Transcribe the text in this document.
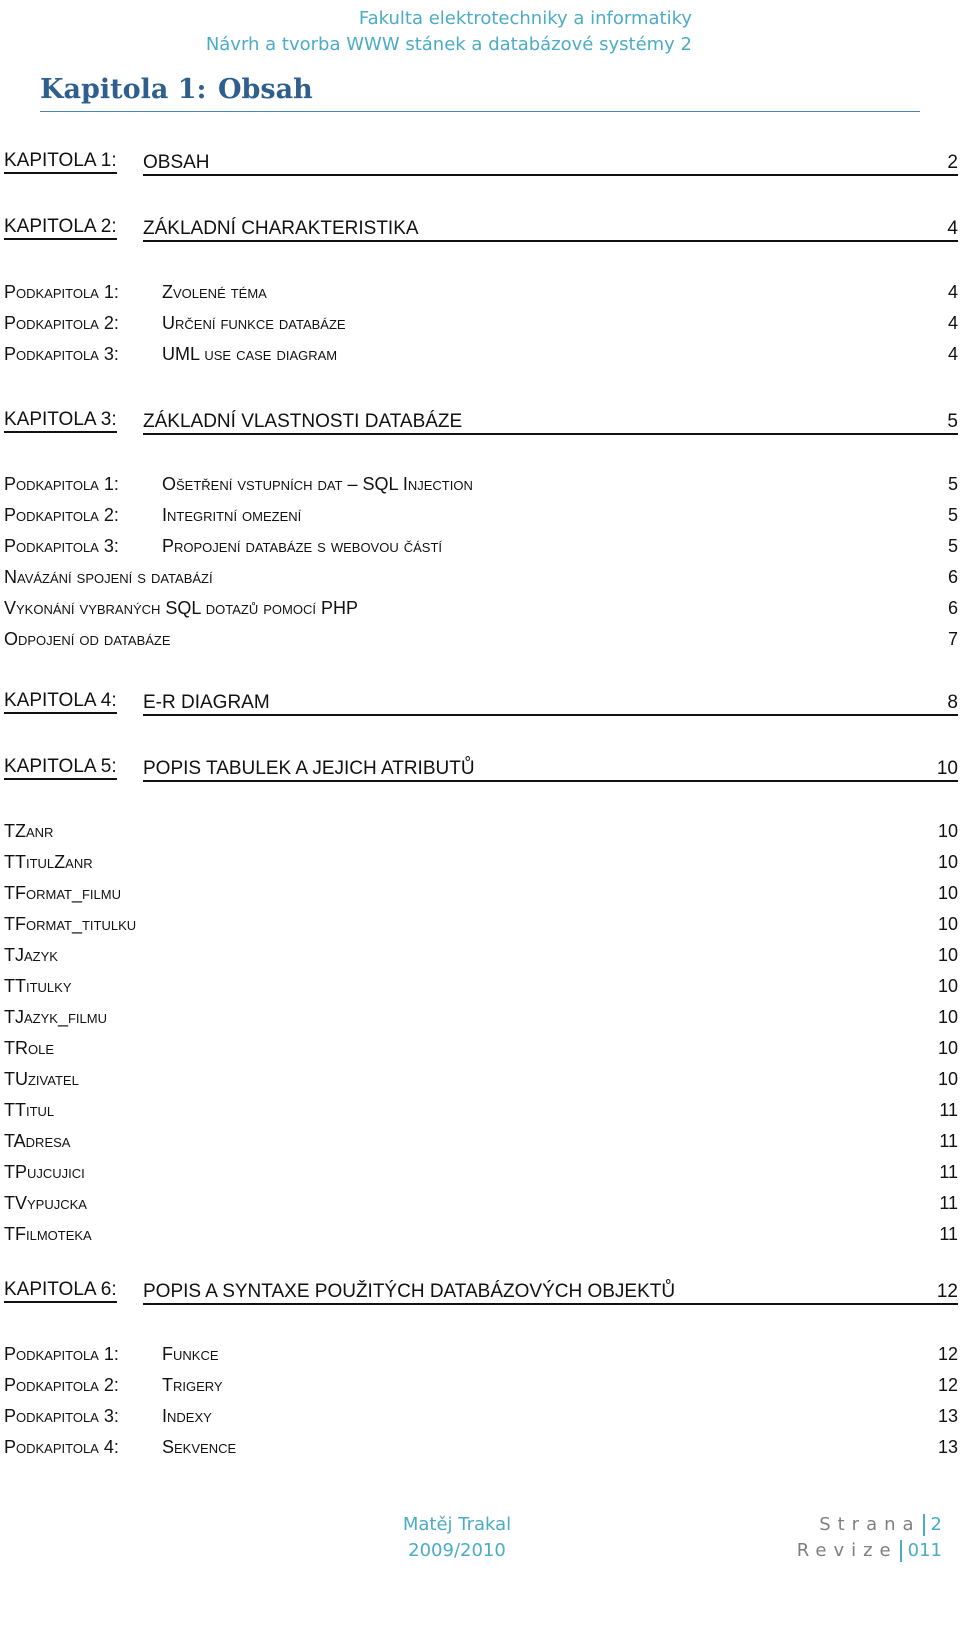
Fakulta elektrotechniky a informatiky
Návrh a tvorba WWW stánek a databázové systémy 2
Kapitola 1: Obsah
KAPITOLA 1: OBSAH	2
KAPITOLA 2: ZÁKLADNÍ CHARAKTERISTIKA	4
Podkapitola 1:	Zvolené téma	4
Podkapitola 2:	Určení funkce databáze	4
Podkapitola 3:	UML use case diagram	4
KAPITOLA 3: ZÁKLADNÍ VLASTNOSTI DATABÁZE	5
Podkapitola 1:	Ošetření vstupních dat – SQL Injection	5
Podkapitola 2:	Integritní omezení	5
Podkapitola 3:	Propojení databáze s webovou částí	5
Navázání spojení s databází	6
Vykonání vybraných SQL dotazů pomocí PHP	6
Odpojení od databáze	7
KAPITOLA 4: E-R DIAGRAM	8
KAPITOLA 5: POPIS TABULEK A JEJICH ATRIBUTŮ	10
TZanr	10
TTitulZanr	10
TFormat_filmu	10
TFormat_titulku	10
TJazyk	10
TTitulky	10
TJazyk_filmu	10
TRole	10
TUzivatel	10
TTitul	11
TAdresa	11
TPujcujici	11
TVypujcka	11
TFilmoteka	11
KAPITOLA 6: POPIS A SYNTAXE POUŽITÝCH DATABÁZOVÝCH OBJEKTŮ	12
Podkapitola 1:	Funkce	12
Podkapitola 2:	Trigery	12
Podkapitola 3:	Indexy	13
Podkapitola 4:	Sekvence	13
Matěj Trakal
2009/2010
Strana 2
Revize 011
